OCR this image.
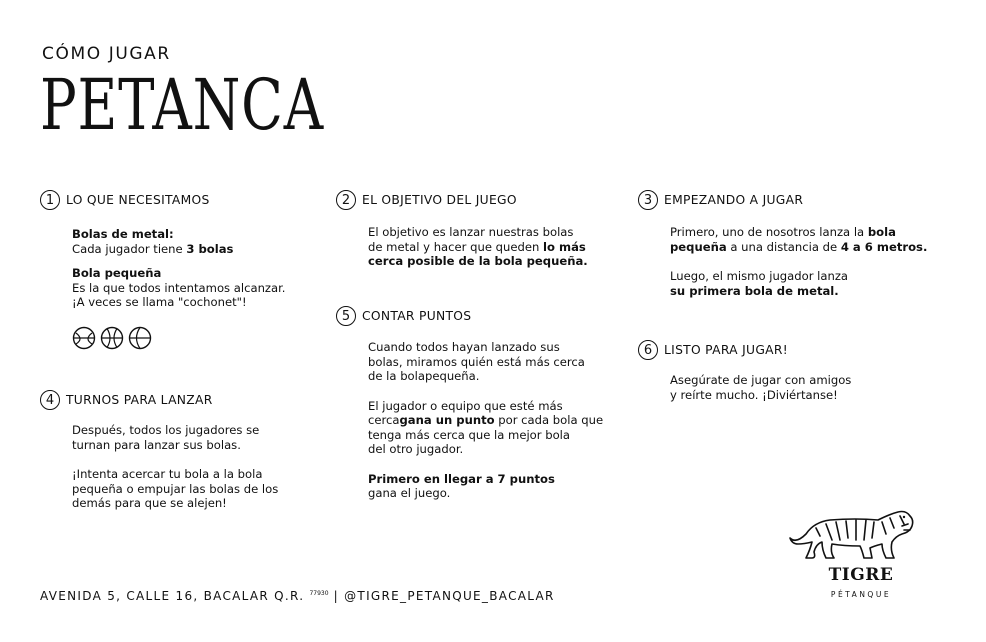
CÓMO JUGAR
PETANCA
1 LO QUE NECESITAMOS

Bolas de metal:
Cada jugador tiene 3 bolas

Bola pequeña
Es la que todos intentamos alcanzar.
¡A veces se llama "cochonet"!

4 TURNOS PARA LANZAR

Después, todos los jugadores se
turnan para lanzar sus bolas.

¡Intenta acercar tu bola a la bola
pequeña o empujar las bolas de los
demás para que se alejen!

2 EL OBJETIVO DEL JUEGO

El objetivo es lanzar nuestras bolas
de metal y hacer que queden lo más
cerca posible de la bola pequeña.

5 CONTAR PUNTOS

Cuando todos hayan lanzado sus
bolas, miramos quién está más cerca
de la bolapequeña.

El jugador o equipo que esté más
cercagana un punto por cada bola que
tenga más cerca que la mejor bola
del otro jugador.

Primero en llegar a 7 puntos
gana el juego.

3 EMPEZANDO A JUGAR

Primero, uno de nosotros lanza la bola
pequeña a una distancia de 4 a 6 metros.

Luego, el mismo jugador lanza
su primera bola de metal.

6 LISTO PARA JUGAR!

Asegúrate de jugar con amigos
y reírte mucho. ¡Diviértanse!

AVENIDA 5, CALLE 16, BACALAR Q.R. $^{77930}$ | @TIGRE_PETANQUE_BACALAR
TIGRE
PÉTANQUE
